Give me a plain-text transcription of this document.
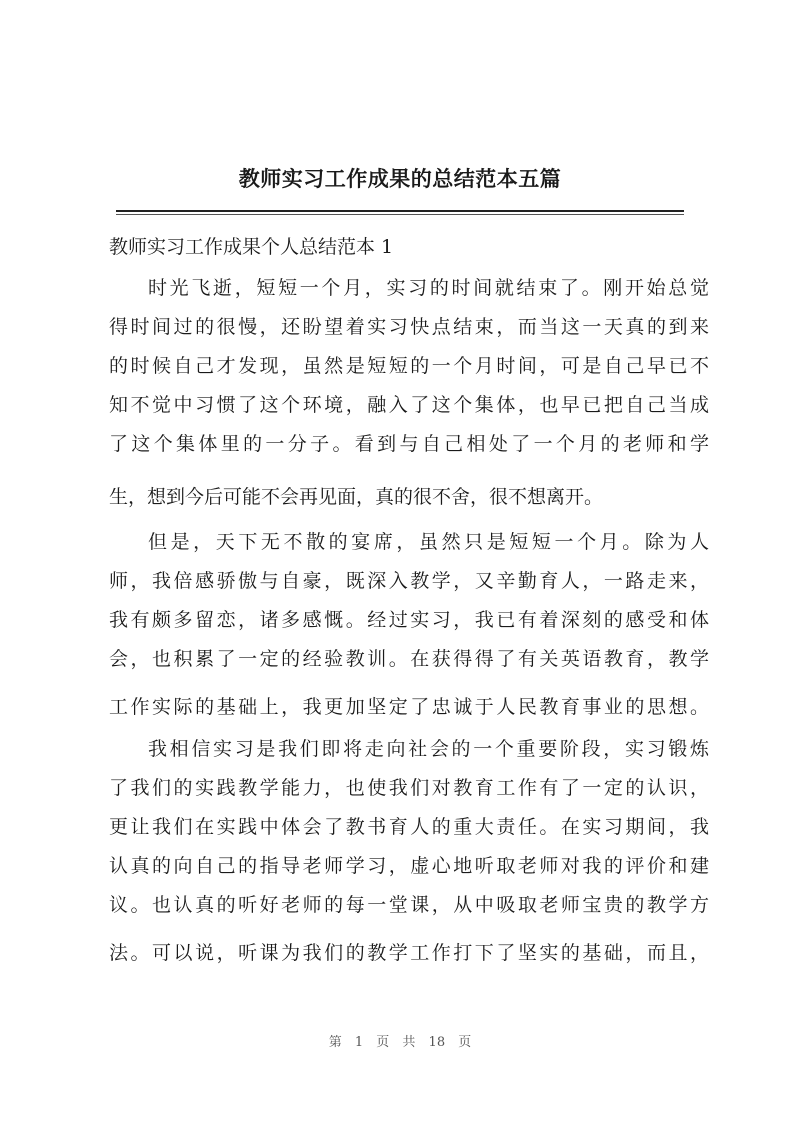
教师实习工作成果的总结范本五篇
教师实习工作成果个人总结范本 1
时光飞逝，短短一个月，实习的时间就结束了。刚开始总觉
得时间过的很慢，还盼望着实习快点结束，而当这一天真的到来
的时候自己才发现，虽然是短短的一个月时间，可是自己早已不
知不觉中习惯了这个环境，融入了这个集体，也早已把自己当成
了这个集体里的一分子。看到与自己相处了一个月的老师和学
生，想到今后可能不会再见面，真的很不舍，很不想离开。
但是，天下无不散的宴席，虽然只是短短一个月。除为人
师，我倍感骄傲与自豪，既深入教学，又辛勤育人，一路走来，
我有颇多留恋，诸多感慨。经过实习，我已有着深刻的感受和体
会，也积累了一定的经验教训。在获得得了有关英语教育，教学
工作实际的基础上，我更加坚定了忠诚于人民教育事业的思想。
我相信实习是我们即将走向社会的一个重要阶段，实习锻炼
了我们的实践教学能力，也使我们对教育工作有了一定的认识，
更让我们在实践中体会了教书育人的重大责任。在实习期间，我
认真的向自己的指导老师学习，虚心地听取老师对我的评价和建
议。也认真的听好老师的每一堂课，从中吸取老师宝贵的教学方
法。可以说，听课为我们的教学工作打下了坚实的基础，而且，
第 1 页 共 18 页
